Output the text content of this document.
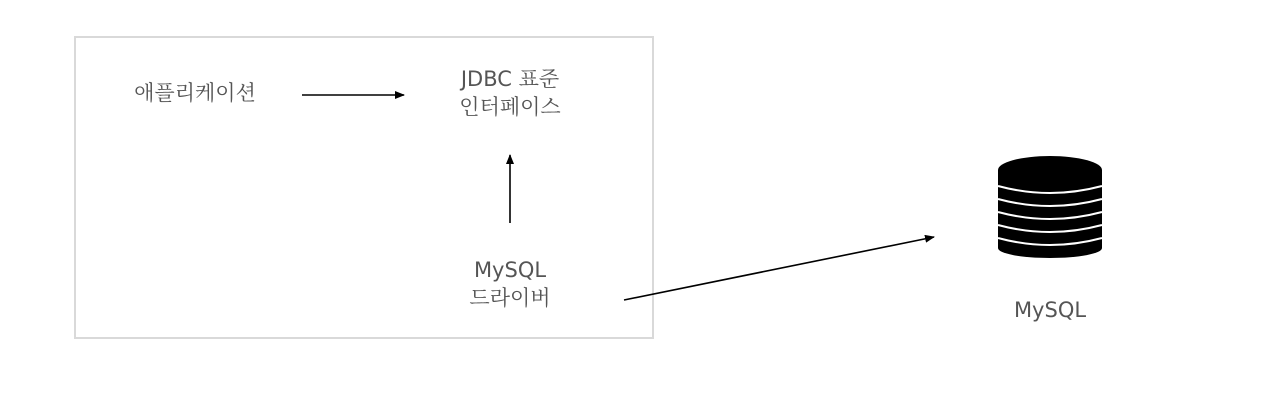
애플리케이션
JDBC 표준
인터페이스
MySQL
드라이버	MySQL
